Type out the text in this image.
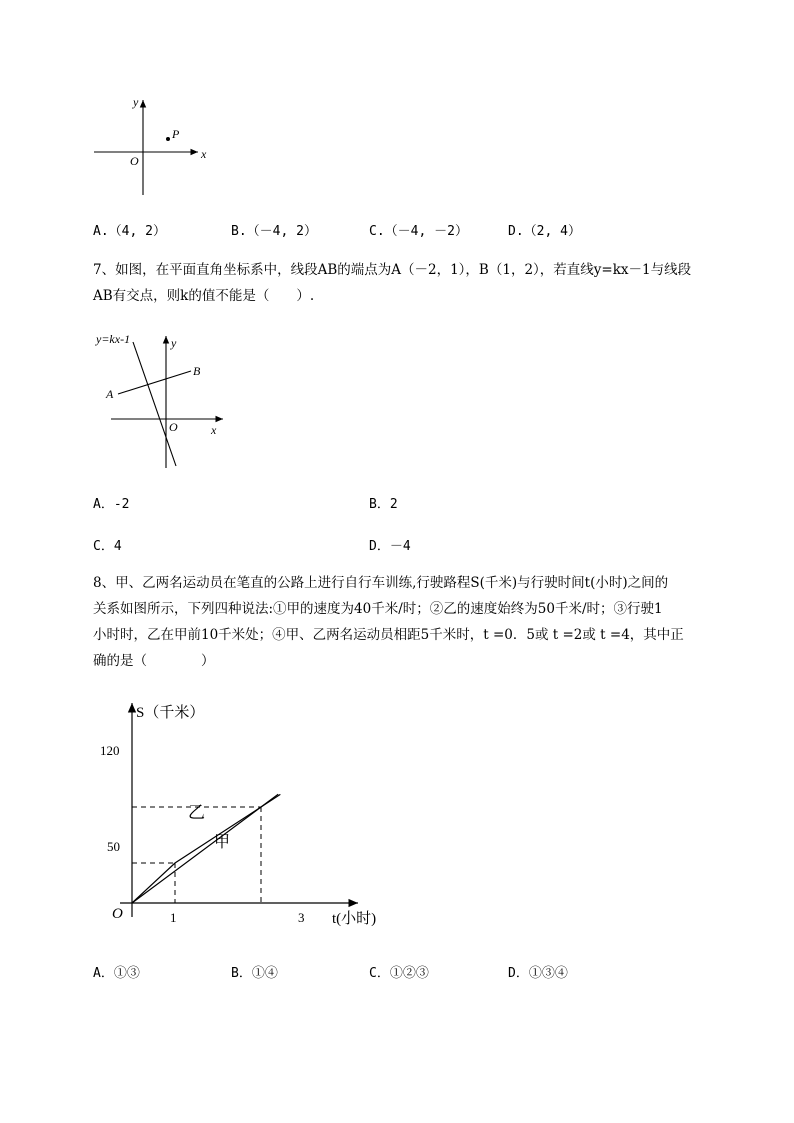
y
x
O
P
A.（4, 2）	B.（－4, 2）	C.（－4, －2）	D.（2, 4）
7、如图，在平面直角坐标系中，线段AB的端点为A（－2，1），B（1，2），若直线y=kx－1与线段
AB有交点，则k的值不能是（　　）.
y=kx-1	y
x
O
A
B
A．-2	B．2
C．4	D．－4
8、甲、乙两名运动员在笔直的公路上进行自行车训练,行驶路程S(千米)与行驶时间t(小时)之间的
关系如图所示，下列四种说法:①甲的速度为40千米/时；②乙的速度始终为50千米/时；③行驶1
小时时，乙在甲前10千米处；④甲、乙两名运动员相距5千米时，t =0．5或 t =2或 t =4，其中正
确的是（　　　　）
S（千米）
t(小时)
O
120
50
1	3
乙
甲
A．①③	B．①④	C．①②③	D．①③④
